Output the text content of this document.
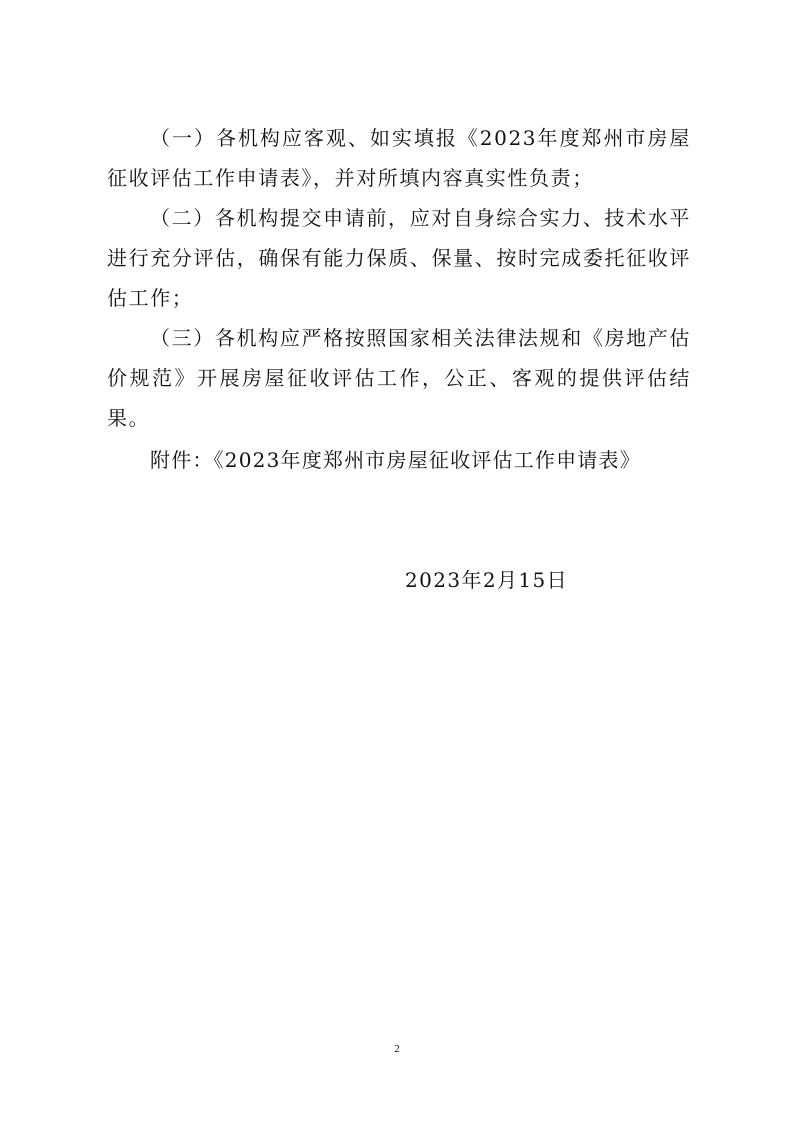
（一）各机构应客观、如实填报《2023年度郑州市房屋征收评估工作申请表》，并对所填内容真实性负责；

（二）各机构提交申请前，应对自身综合实力、技术水平进行充分评估，确保有能力保质、保量、按时完成委托征收评估工作；

（三）各机构应严格按照国家相关法律法规和《房地产估价规范》开展房屋征收评估工作，公正、客观的提供评估结果。

附件：《2023年度郑州市房屋征收评估工作申请表》

2023年2月15日

2
